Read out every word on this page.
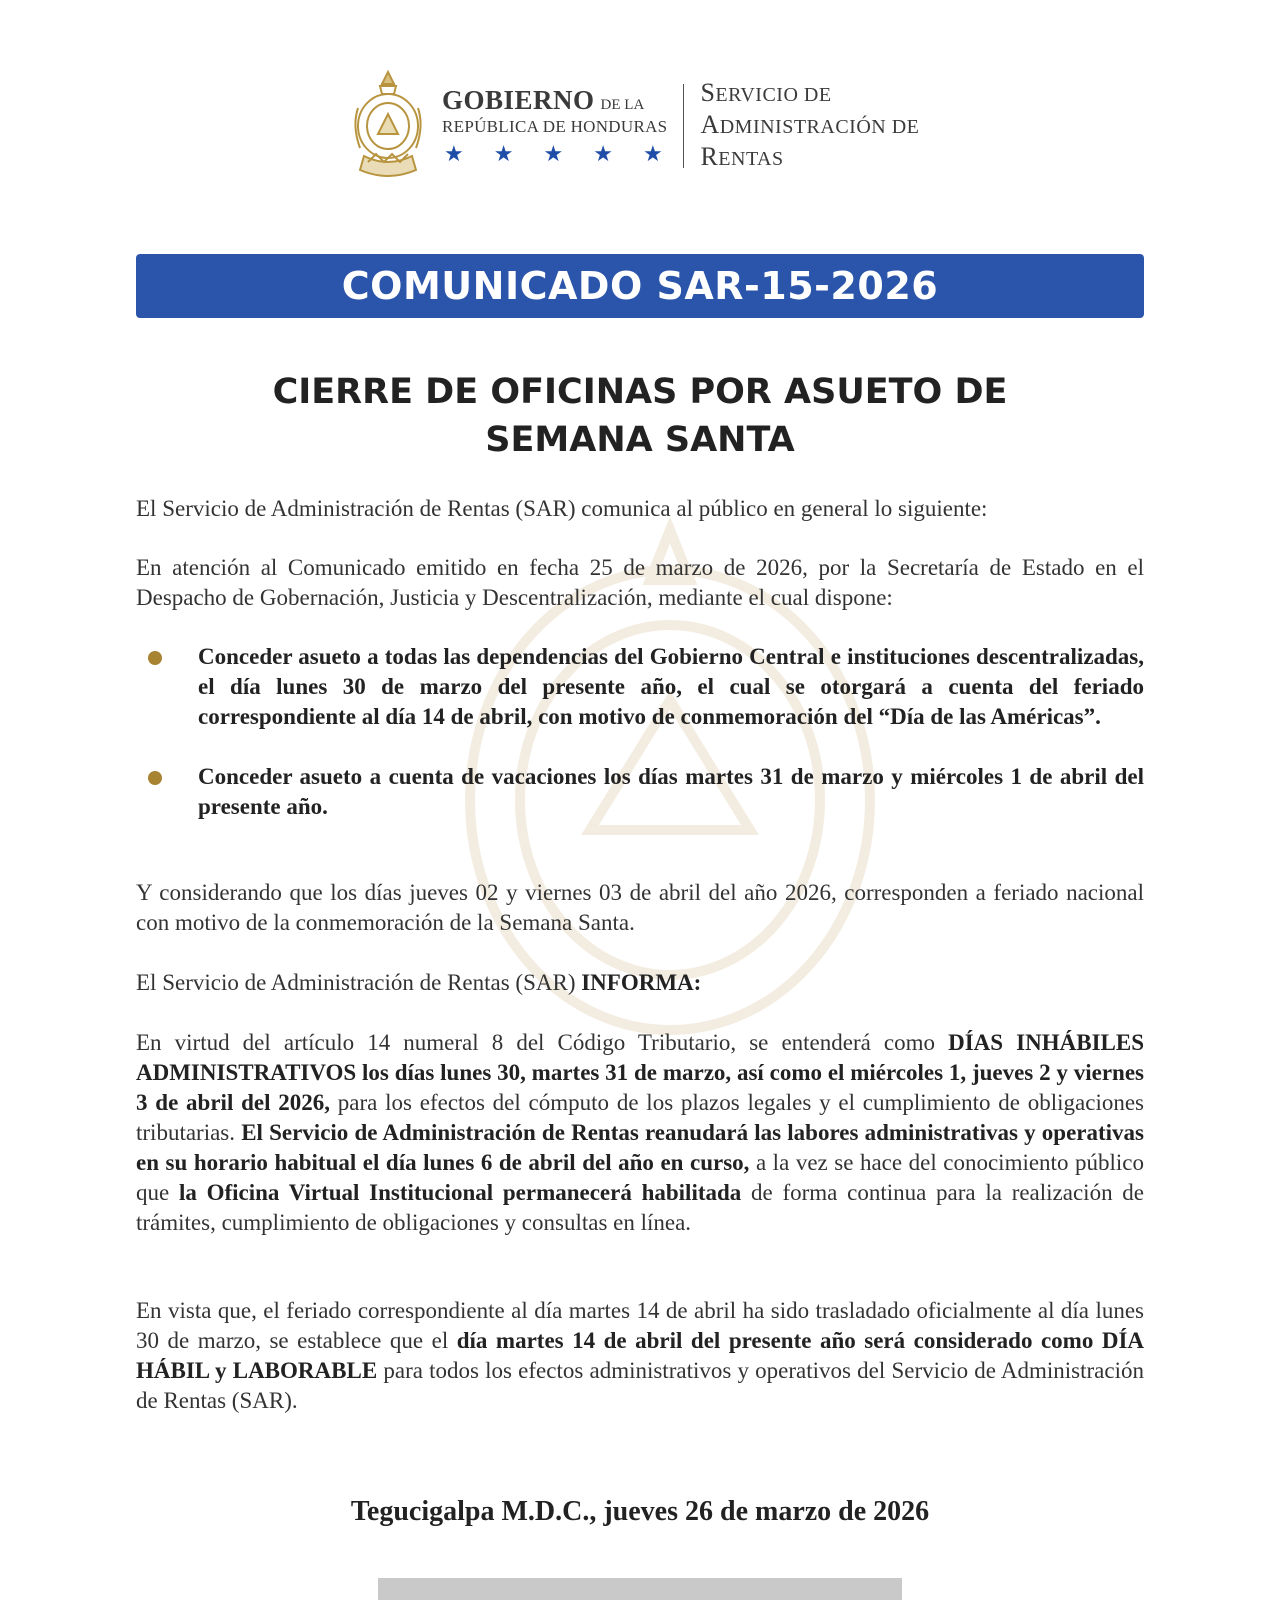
GOBIERNO DE LA
REPÚBLICA DE HONDURAS
★ ★ ★ ★ ★
SERVICIO DE
ADMINISTRACIÓN DE
RENTAS
COMUNICADO SAR-15-2026
CIERRE DE OFICINAS POR ASUETO DE
SEMANA SANTA

El Servicio de Administración de Rentas (SAR) comunica al público en general lo siguiente:

En atención al Comunicado emitido en fecha 25 de marzo de 2026, por la Secretaría de Estado en el Despacho de Gobernación, Justicia y Descentralización, mediante el cual dispone:

Conceder asueto a todas las dependencias del Gobierno Central e instituciones descentralizadas, el día lunes 30 de marzo del presente año, el cual se otorgará a cuenta del feriado correspondiente al día 14 de abril, con motivo de conmemoración del “Día de las Américas”.
Conceder asueto a cuenta de vacaciones los días martes 31 de marzo y miércoles 1 de abril del presente año.

Y considerando que los días jueves 02 y viernes 03 de abril del año 2026, corresponden a feriado nacional con motivo de la conmemoración de la Semana Santa.

El Servicio de Administración de Rentas (SAR) INFORMA:

En virtud del artículo 14 numeral 8 del Código Tributario, se entenderá como DÍAS INHÁBILES ADMINISTRATIVOS los días lunes 30, martes 31 de marzo, así como el miércoles 1, jueves 2 y viernes 3 de abril del 2026, para los efectos del cómputo de los plazos legales y el cumplimiento de obligaciones tributarias. El Servicio de Administración de Rentas reanudará las labores administrativas y operativas en su horario habitual el día lunes 6 de abril del año en curso, a la vez se hace del conocimiento público que la Oficina Virtual Institucional permanecerá habilitada de forma continua para la realización de trámites, cumplimiento de obligaciones y consultas en línea.

En vista que, el feriado correspondiente al día martes 14 de abril ha sido trasladado oficialmente al día lunes 30 de marzo, se establece que el día martes 14 de abril del presente año será considerado como DÍA HÁBIL y LABORABLE para todos los efectos administrativos y operativos del Servicio de Administración de Rentas (SAR).

Tegucigalpa M.D.C., jueves 26 de marzo de 2026
